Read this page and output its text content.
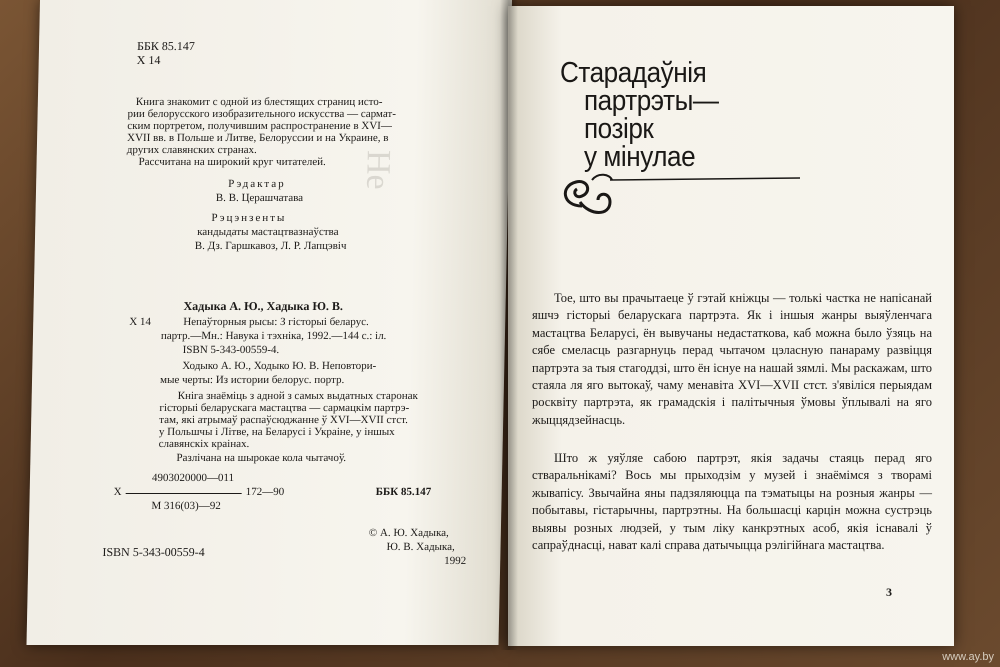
Не
ББК 85.147
Х 14
Книга знакомит с одной из блестящих страниц исто-
рии белорусского изобразительного искусства — сармат-
ским портретом, получившим распространение в XVI—
XVII вв. в Польше и Литве, Белоруссии и на Украине, в
других славянских странах.
Рассчитана на широкий круг читателей.
Рэдактар
В. В. Церашчатава
Рэцэнзенты
кандыдаты мастацтвазнаўства
В. Дз. Гаршкавоз, Л. Р. Лапцэвіч
Хадыка А. Ю., Хадыка Ю. В.
Х 14	Непаўторныя рысы: З гісторыі беларус.
партр.—Мн.: Навука і тэхніка, 1992.—144 с.: іл.
ISBN 5-343-00559-4.
Ходыко А. Ю., Ходыко Ю. В. Неповтори-
мые черты: Из истории белорус. портр.
Кніга знаёміць з адной з самых выдатных старонак
гісторыі беларускага мастацтва — сармацкім партрэ-
там, які атрымаў распаўсюджанне ў XVI—XVII стст.
у Польшчы і Літве, на Беларусі і Украіне, у іншых
славянскіх краінах.
Разлічана на шырокае кола чытачоў.
4903020000—011
Х	172—90
М 316(03)—92
ББК 85.147
© А. Ю. Хадыка,
Ю. В. Хадыка,
1992
ISBN 5-343-00559-4
Старадаўнія
партрэты—
позірк
у мінулае

Тое, што вы прачытаеце ў гэтай кніжцы — толькі частка не напісанай яшчэ гісторыі беларускага партрэта. Як і іншыя жанры выяўленчага мастацтва Беларусі, ён вывучаны недастаткова, каб можна было ўзяць на сябе смеласць разгарнуць перад чытачом цэласную панараму развіцця партрэта за тыя стагоддзі, што ён існуе на нашай зямлі. Мы раскажам, што стаяла ля яго вытокаў, чаму менавіта XVI—XVII стст. з'явіліся перыядам росквіту партрэта, як грамадскія і палітычныя ўмовы ўплывалі на яго жыццядзейнасць.

Што ж уяўляе сабою партрэт, якія задачы стаяць перад яго стваральнікамі? Вось мы прыходзім у музей і знаёмімся з творамі жывапісу. Звычайна яны падзяляюцца па тэматыцы на розныя жанры — побытавы, гістарычны, партрэтны. На большасці карцін можна сустрэць выявы розных людзей, у тым ліку канкрэтных асоб, якія існавалі ў сапраўднасці, нават калі справа датычыцца рэлігійнага мастацтва.

3
www.ay.by
